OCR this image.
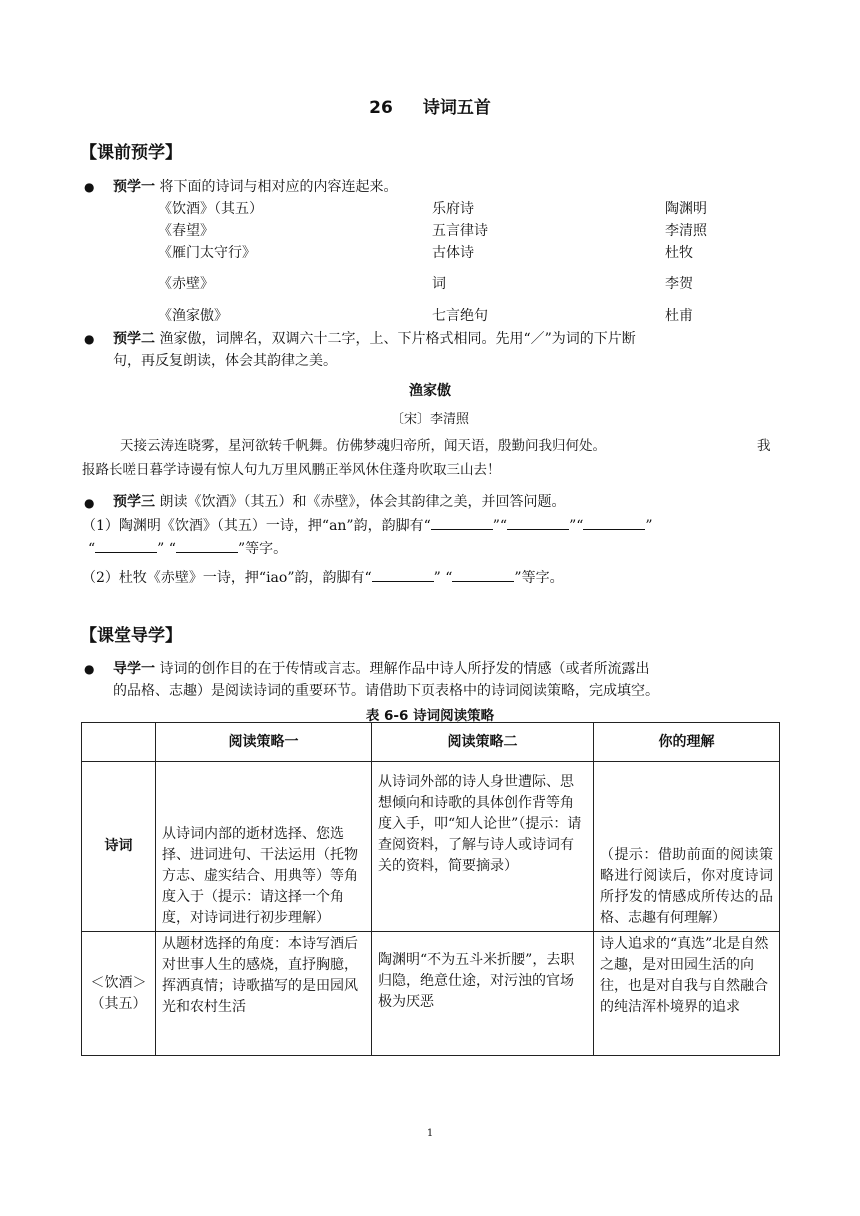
26 诗词五首
【课前预学】
● 预学一 将下面的诗词与相对应的内容连起来。
《饮酒》（其五）	乐府诗	陶渊明
《春望》	五言律诗	李清照
《雁门太守行》	古体诗	杜牧
《赤壁》	词	李贺
《渔家傲》	七言绝句	杜甫
● 预学二 渔家傲，词牌名，双调六十二字，上、下片格式相同。先用“／”为词的下片断
句，再反复朗读，体会其韵律之美。
渔家傲
〔宋〕李清照
天接云涛连晓雾，星河欲转千帆舞。仿佛梦魂归帝所，闻天语，殷勤问我归何处。	我
报路长嗟日暮学诗谩有惊人句九万里风鹏正举风休住蓬舟吹取三山去！
● 预学三 朗读《饮酒》（其五）和《赤壁》，体会其韵律之美，并回答问题。
（1）陶渊明《饮酒》（其五）一诗，押“an”韵，韵脚有“	”“	”“	”
“	” “	”等字。
（2）杜牧《赤壁》一诗，押“iao”韵，韵脚有“	” “	”等字。
【课堂导学】
● 导学一 诗词的创作目的在于传情或言志。理解作品中诗人所抒发的情感（或者所流露出
的品格、志趣）是阅读诗词的重要环节。请借助下页表格中的诗词阅读策略，完成填空。
表 6-6 诗词阅读策略
	阅读策略一	阅读策略二	你的理解
诗词	从诗词内部的逝材选择、您选择、进词进句、干法运用（托物方志、虚实结合、用典等）等角度入于（提示：请这择一个角度，对诗词进行初步理解）	从诗词外部的诗人身世遭际、思想倾向和诗歌的具体创作背等角度入手，叩“知人论世”（提示：请查阅资料，了解与诗人或诗词有关的资料，简要摘录）	（提示：借助前面的阅读策略进行阅读后，你对度诗词所抒发的情感成所传达的品格、志趣有何理解）

＜饮酒＞
（其五）	从题材选择的角度：本诗写酒后对世事人生的感烧，直抒胸臆，挥洒真情；诗歌描写的是田园风光和农村生活	陶渊明“不为五斗米折腰”，去职归隐，绝意仕途，对污浊的官场极为厌恶	诗人追求的“真选”北是自然之趣，是对田园生活的向往，也是对自我与自然融合的纯洁浑朴境界的追求
1
